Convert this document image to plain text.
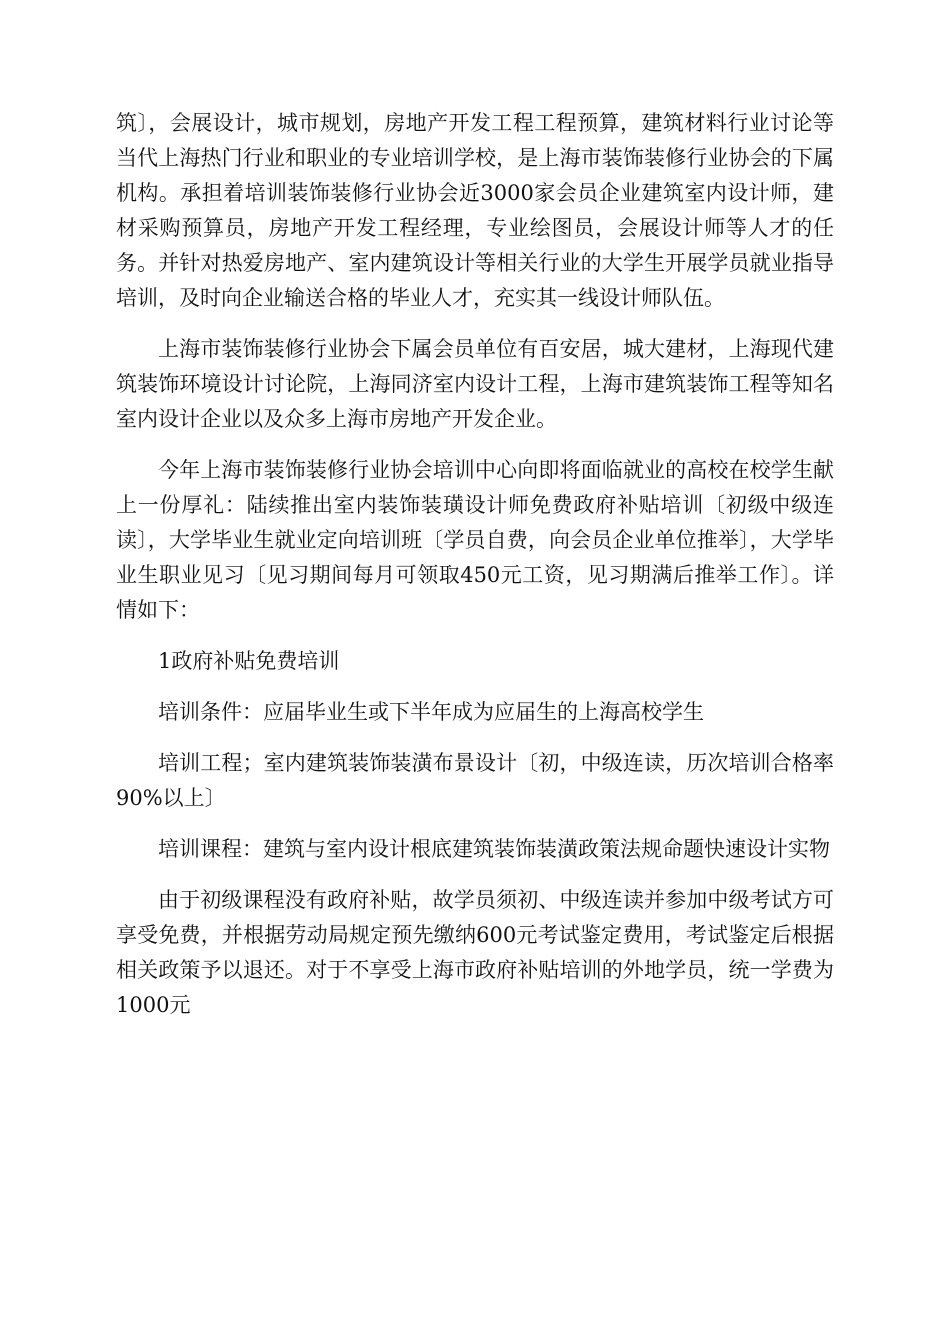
筑〕，会展设计，城市规划，房地产开发工程工程预算，建筑材料行业讨论等当代上海热门行业和职业的专业培训学校，是上海市装饰装修行业协会的下属机构。承担着培训装饰装修行业协会近3000家会员企业建筑室内设计师，建材采购预算员，房地产开发工程经理，专业绘图员，会展设计师等人才的任务。并针对热爱房地产、室内建筑设计等相关行业的大学生开展学员就业指导培训，及时向企业输送合格的毕业人才，充实其一线设计师队伍。

上海市装饰装修行业协会下属会员单位有百安居，城大建材，上海现代建筑装饰环境设计讨论院，上海同济室内设计工程，上海市建筑装饰工程等知名室内设计企业以及众多上海市房地产开发企业。

今年上海市装饰装修行业协会培训中心向即将面临就业的高校在校学生献上一份厚礼：陆续推出室内装饰装璜设计师免费政府补贴培训〔初级中级连读〕，大学毕业生就业定向培训班〔学员自费，向会员企业单位推举〕，大学毕业生职业见习〔见习期间每月可领取450元工资，见习期满后推举工作〕。详情如下：

1政府补贴免费培训

培训条件：应届毕业生或下半年成为应届生的上海高校学生

培训工程；室内建筑装饰装潢布景设计〔初，中级连读，历次培训合格率90%以上〕

培训课程：建筑与室内设计根底建筑装饰装潢政策法规命题快速设计实物

由于初级课程没有政府补贴，故学员须初、中级连读并参加中级考试方可享受免费，并根据劳动局规定预先缴纳600元考试鉴定费用，考试鉴定后根据相关政策予以退还。对于不享受上海市政府补贴培训的外地学员，统一学费为1000元
